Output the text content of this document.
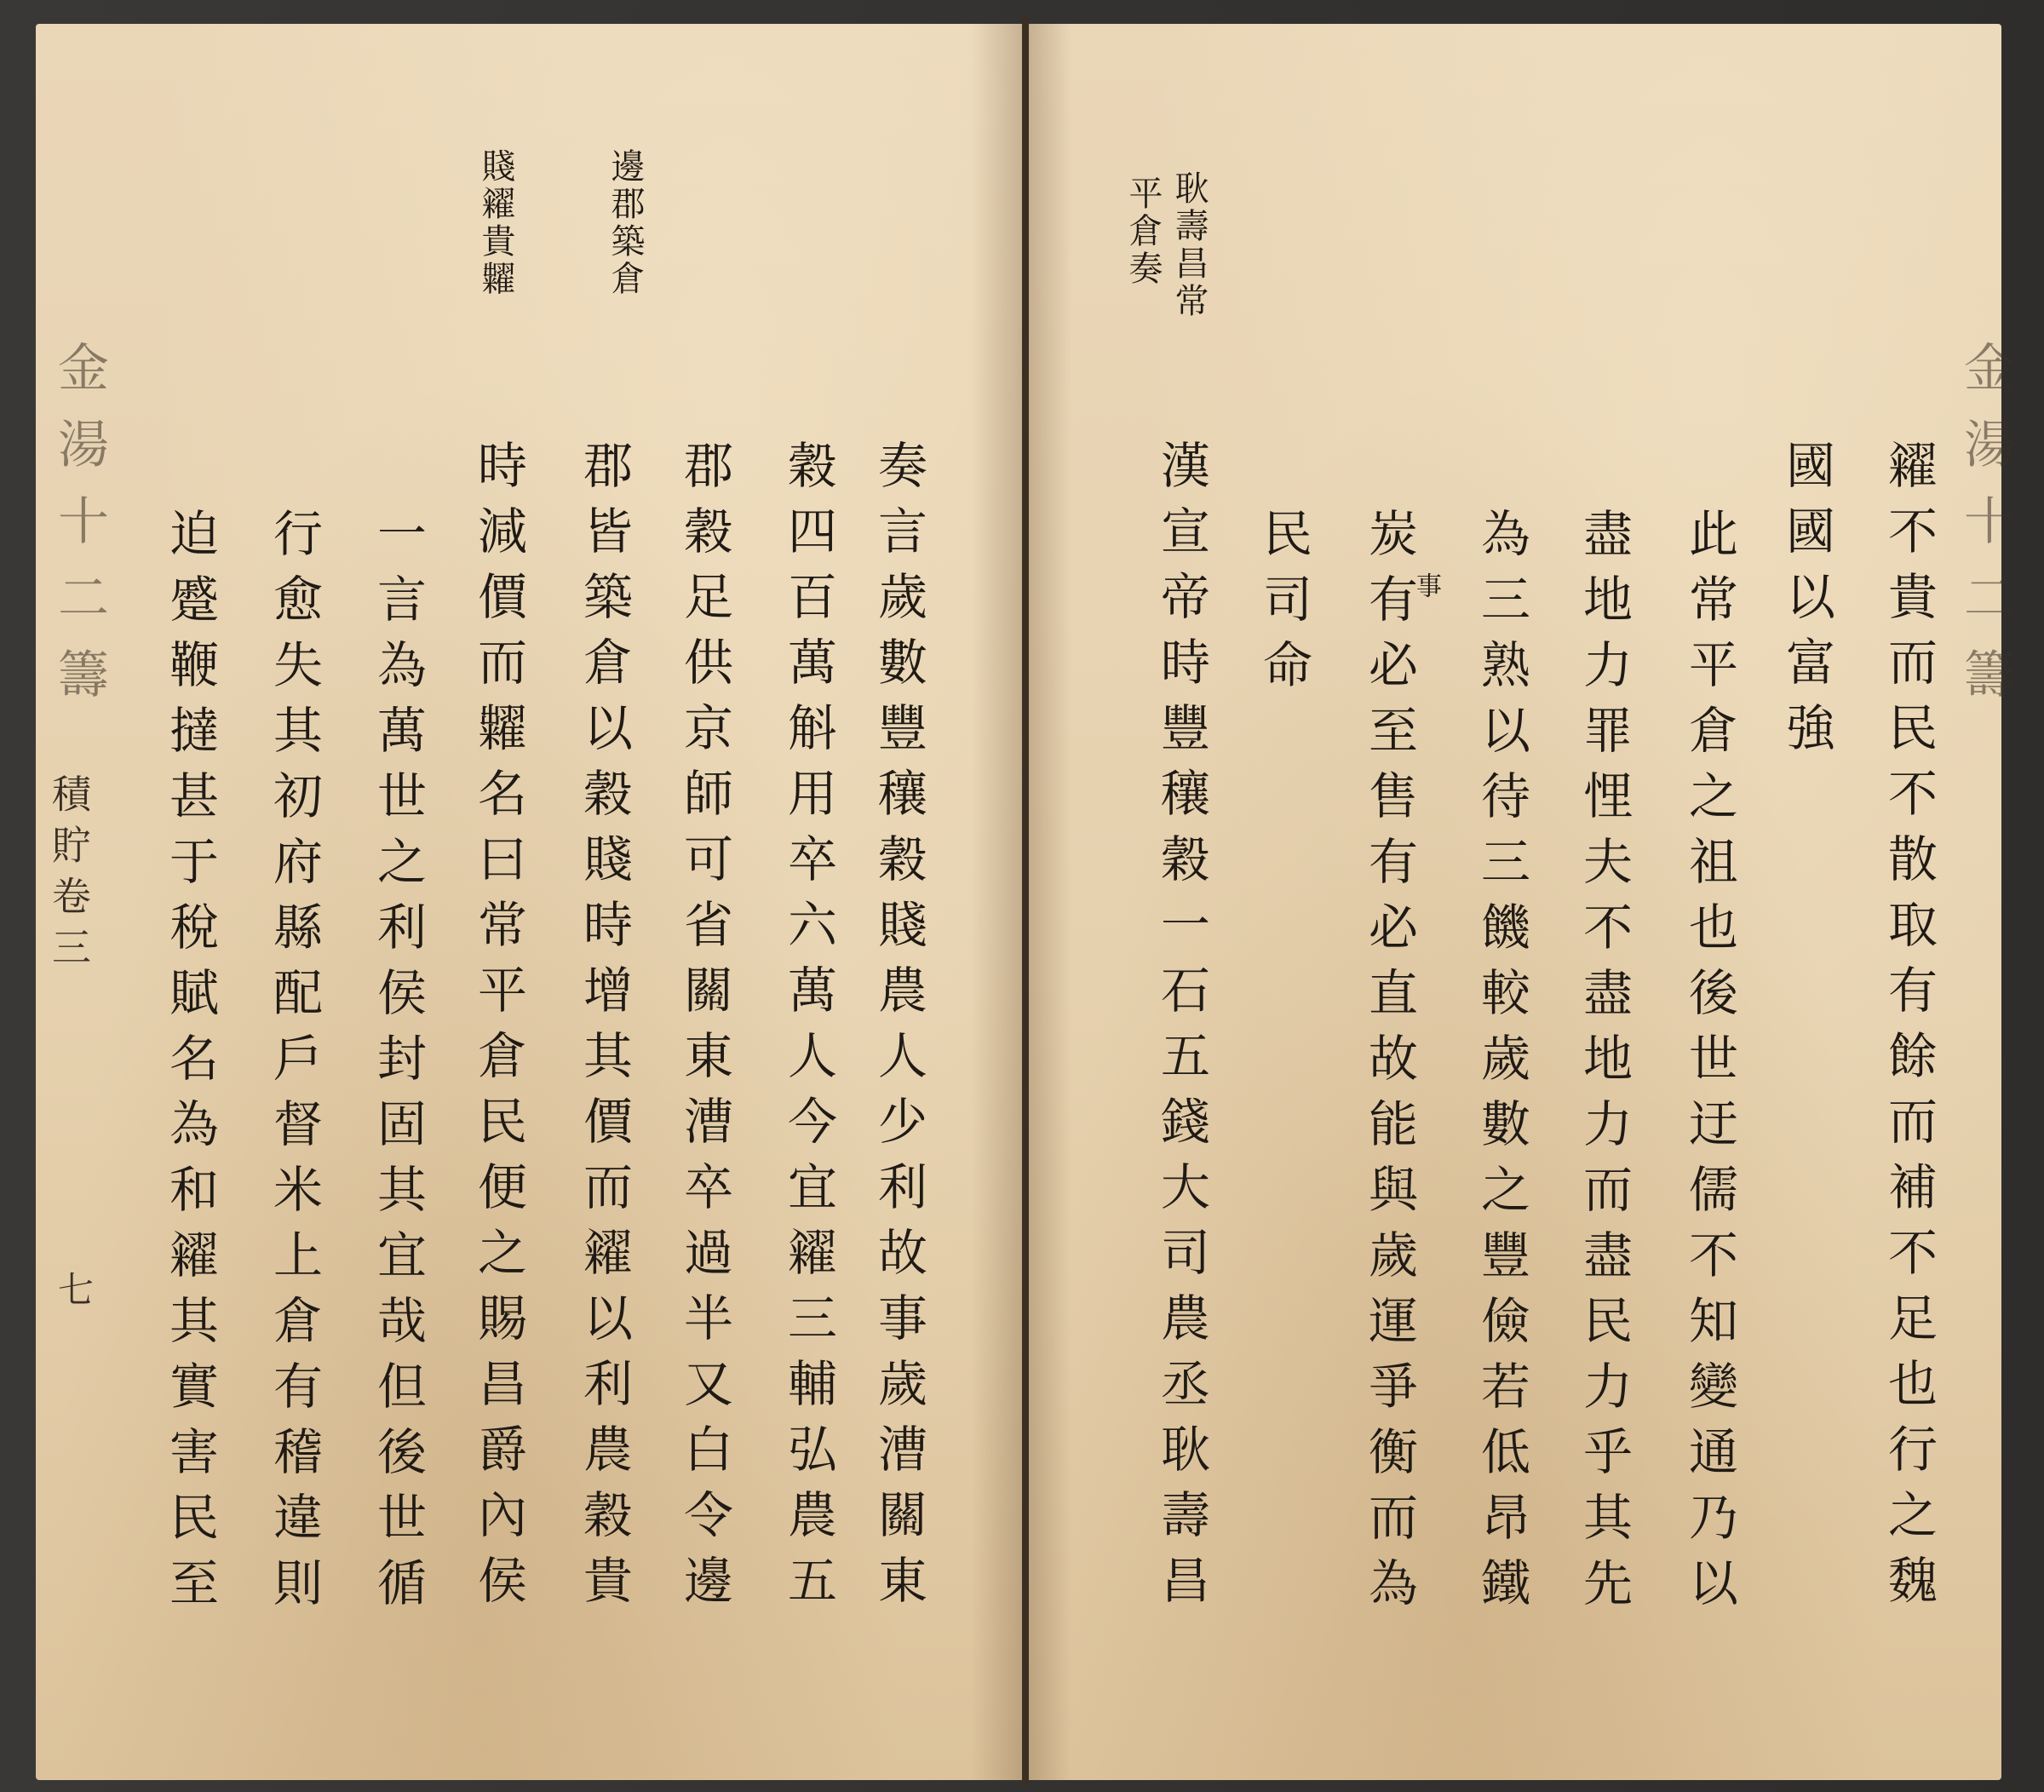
金湯十二籌
邊郡築倉
賤糴貴糶
奏言歲數豐穰穀賤農人少利故事歲漕關東
穀四百萬斛用卒六萬人今宜糴三輔弘農五
郡穀足供京師可省關東漕卒過半又白令邊
郡皆築倉以穀賤時增其價而糴以利農穀貴
時減價而糶名曰常平倉民便之賜昌爵內侯
一言為萬世之利侯封固其宜哉但後世循
行愈失其初府縣配戶督米上倉有稽違則
迫蹙鞭撻甚于稅賦名為和糴其實害民至
積貯卷三
七
耿壽昌常
平倉奏
金湯十二籌
糴不貴而民不散取有餘而補不足也行之魏
國國以富強
此常平倉之祖也後世迂儒不知變通乃以
盡地力罪悝夫不盡地力而盡民力乎其先
為三熟以待三饑較歲數之豐儉若低昂鐵
炭有必至售有必直故能與歲運爭衡而為
事
民司命
漢宣帝時豐穰穀一石五錢大司農丞耿壽昌
